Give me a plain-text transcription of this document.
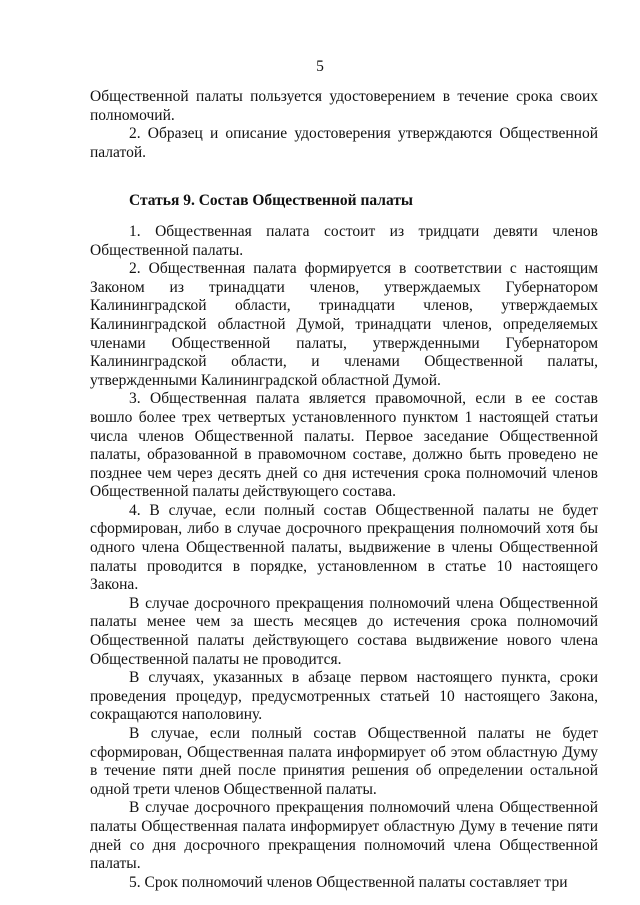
5

Общественной палаты пользуется удостоверением в течение срока своих полномочий.

2. Образец и описание удостоверения утверждаются Общественной палатой.

Статья 9. Состав Общественной палаты

1. Общественная палата состоит из тридцати девяти членов Общественной палаты.

2. Общественная палата формируется в соответствии с настоящим Законом из тринадцати членов, утверждаемых Губернатором Калининградской области, тринадцати членов, утверждаемых Калининградской областной Думой, тринадцати членов, определяемых членами Общественной палаты, утвержденными Губернатором Калининградской области, и членами Общественной палаты, утвержденными Калининградской областной Думой.

3. Общественная палата является правомочной, если в ее состав вошло более трех четвертых установленного пунктом 1 настоящей статьи числа членов Общественной палаты. Первое заседание Общественной палаты, образованной в правомочном составе, должно быть проведено не позднее чем через десять дней со дня истечения срока полномочий членов Общественной палаты действующего состава.

4. В случае, если полный состав Общественной палаты не будет сформирован, либо в случае досрочного прекращения полномочий хотя бы одного члена Общественной палаты, выдвижение в члены Общественной палаты проводится в порядке, установленном в статье 10 настоящего Закона.

В случае досрочного прекращения полномочий члена Общественной палаты менее чем за шесть месяцев до истечения срока полномочий Общественной палаты действующего состава выдвижение нового члена Общественной палаты не проводится.

В случаях, указанных в абзаце первом настоящего пункта, сроки проведения процедур, предусмотренных статьей 10 настоящего Закона, сокращаются наполовину.

В случае, если полный состав Общественной палаты не будет сформирован, Общественная палата информирует об этом областную Думу в течение пяти дней после принятия решения об определении остальной одной трети членов Общественной палаты.

В случае досрочного прекращения полномочий члена Общественной палаты Общественная палата информирует областную Думу в течение пяти дней со дня досрочного прекращения полномочий члена Общественной палаты.

5. Срок полномочий членов Общественной палаты составляет три
